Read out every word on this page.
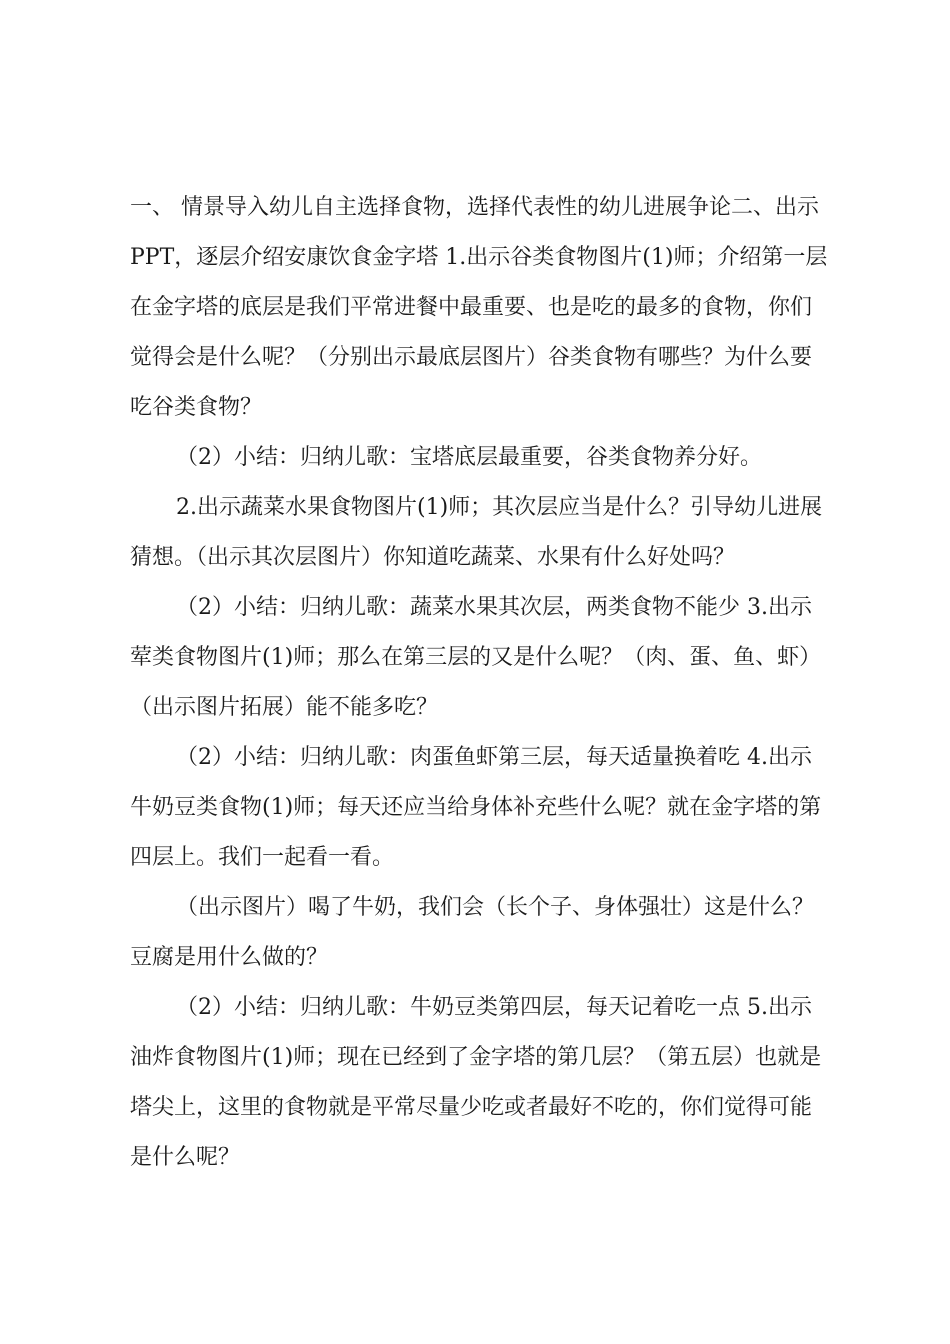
一、 情景导入幼儿自主选择食物，选择代表性的幼儿进展争论二、出示
PPT，逐层介绍安康饮食金字塔 1.出示谷类食物图片(1)师；介绍第一层
在金字塔的底层是我们平常进餐中最重要、也是吃的最多的食物，你们
觉得会是什么呢？（分别出示最底层图片）谷类食物有哪些？为什么要
吃谷类食物？
（2）小结：归纳儿歌：宝塔底层最重要，谷类食物养分好。
2.出示蔬菜水果食物图片(1)师；其次层应当是什么？引导幼儿进展
猜想。（出示其次层图片）你知道吃蔬菜、水果有什么好处吗？
（2）小结：归纳儿歌：蔬菜水果其次层，两类食物不能少 3.出示
荤类食物图片(1)师；那么在第三层的又是什么呢？（肉、蛋、鱼、虾）
（出示图片拓展）能不能多吃？
（2）小结：归纳儿歌：肉蛋鱼虾第三层，每天适量换着吃 4.出示
牛奶豆类食物(1)师；每天还应当给身体补充些什么呢？就在金字塔的第
四层上。我们一起看一看。
（出示图片）喝了牛奶，我们会（长个子、身体强壮）这是什么？
豆腐是用什么做的？
（2）小结：归纳儿歌：牛奶豆类第四层，每天记着吃一点 5.出示
油炸食物图片(1)师；现在已经到了金字塔的第几层？（第五层）也就是
塔尖上，这里的食物就是平常尽量少吃或者最好不吃的，你们觉得可能
是什么呢？
